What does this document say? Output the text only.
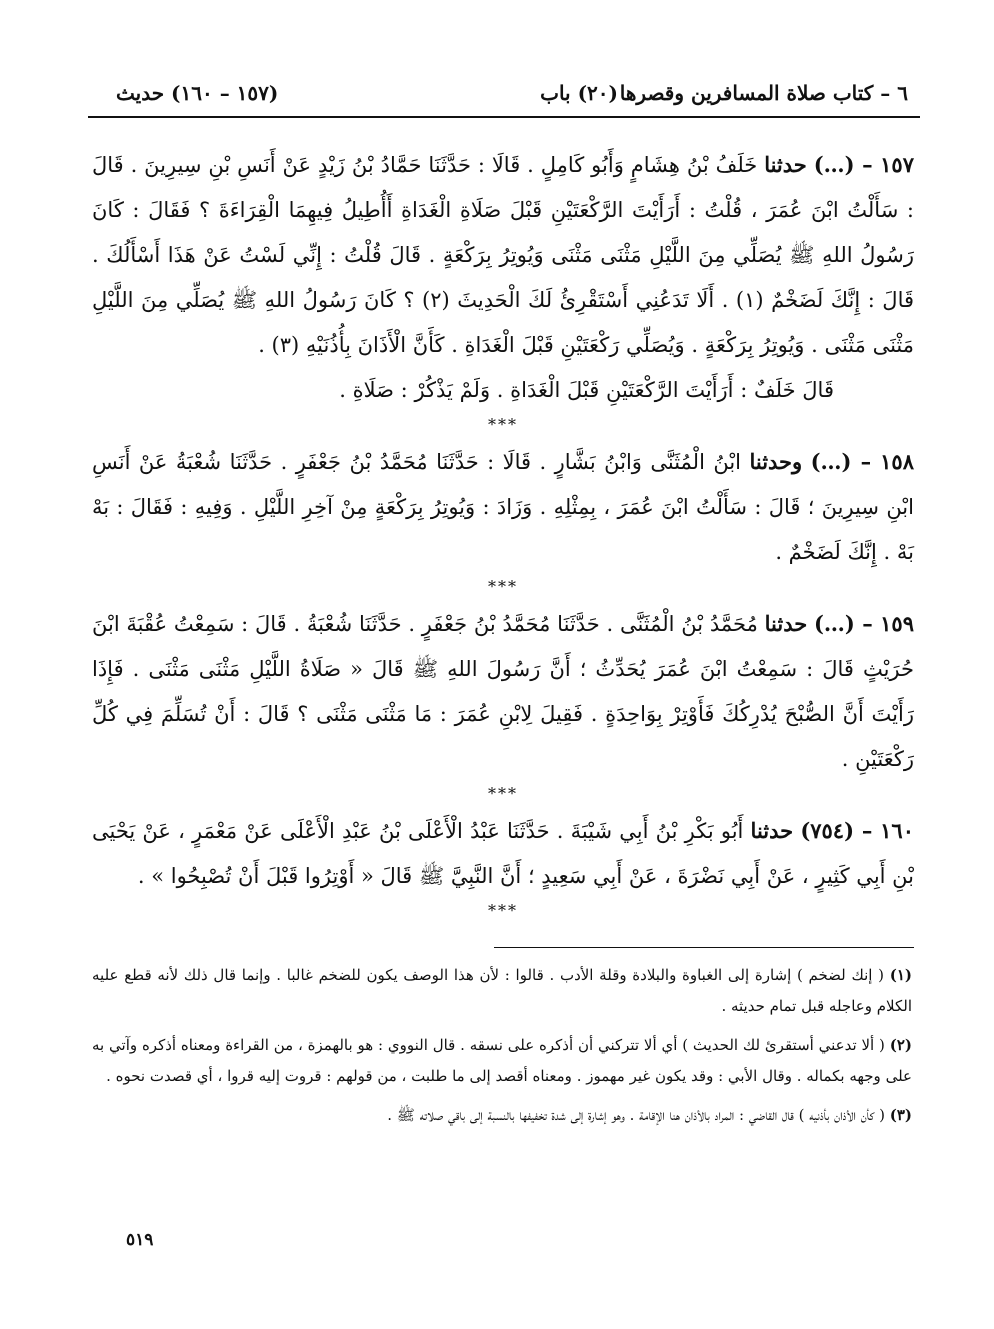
٦ – كتاب صلاة المسافرين وقصرها
(٢٠) باب
(١٥٧ – ١٦٠) حديث

١٥٧ – (…) حدثنا خَلَفُ بْنُ هِشَامٍ وَأَبُو كَامِلٍ . قَالَا : حَدَّثَنَا حَمَّادُ بْنُ زَيْدٍ عَنْ أَنَسِ بْنِ سِيرِينَ . قَالَ : سَأَلْتُ ابْنَ عُمَرَ ، قُلْتُ : أَرَأَيْتَ الرَّكْعَتَيْنِ قَبْلَ صَلَاةِ الْغَدَاةِ أَأُطِيلُ فِيهِمَا الْقِرَاءَةَ ؟ فَقَالَ : كَانَ رَسُولُ اللهِ ﷺ يُصَلِّي مِنَ اللَّيْلِ مَثْنَى مَثْنَى وَيُوتِرُ بِرَكْعَةٍ . قَالَ قُلْتُ : إِنِّي لَسْتُ عَنْ هَذَا أَسْأَلُكَ . قَالَ : إِنَّكَ لَضَخْمٌ (١) . أَلَا تَدَعُنِي أَسْتَقْرِئُ لَكَ الْحَدِيثَ (٢) ؟ كَانَ رَسُولُ اللهِ ﷺ يُصَلِّي مِنَ اللَّيْلِ مَثْنَى مَثْنَى . وَيُوتِرُ بِرَكْعَةٍ . وَيُصَلِّي رَكْعَتَيْنِ قَبْلَ الْغَدَاةِ . كَأَنَّ الْأَذَانَ بِأُذُنَيْهِ (٣) .

قَالَ خَلَفٌ : أَرَأَيْتَ الرَّكْعَتَيْنِ قَبْلَ الْغَدَاةِ . وَلَمْ يَذْكُرْ : صَلَاةِ .

***

١٥٨ – (…) وحدثنا ابْنُ الْمُثَنَّى وَابْنُ بَشَّارٍ . قَالَا : حَدَّثَنَا مُحَمَّدُ بْنُ جَعْفَرٍ . حَدَّثَنَا شُعْبَةُ عَنْ أَنَسِ ابْنِ سِيرِينَ ؛ قَالَ : سَأَلْتُ ابْنَ عُمَرَ ، بِمِثْلِهِ . وَزَادَ : وَيُوتِرُ بِرَكْعَةٍ مِنْ آخِرِ اللَّيْلِ . وَفِيهِ : فَقَالَ : بَهْ بَهْ . إِنَّكَ لَضَخْمٌ .

***

١٥٩ – (…) حدثنا مُحَمَّدُ بْنُ الْمُثَنَّى . حَدَّثَنَا مُحَمَّدُ بْنُ جَعْفَرٍ . حَدَّثَنَا شُعْبَةُ . قَالَ : سَمِعْتُ عُقْبَةَ ابْنَ حُرَيْثٍ قَالَ : سَمِعْتُ ابْنَ عُمَرَ يُحَدِّثُ ؛ أَنَّ رَسُولَ اللهِ ﷺ قَالَ « صَلَاةُ اللَّيْلِ مَثْنَى مَثْنَى . فَإِذَا رَأَيْتَ أَنَّ الصُّبْحَ يُدْرِكُكَ فَأَوْتِرْ بِوَاحِدَةٍ . فَقِيلَ لِابْنِ عُمَرَ : مَا مَثْنَى مَثْنَى ؟ قَالَ : أَنْ تُسَلِّمَ فِي كُلِّ رَكْعَتَيْنِ .

***

١٦٠ – (٧٥٤) حدثنا أَبُو بَكْرِ بْنُ أَبِي شَيْبَةَ . حَدَّثَنَا عَبْدُ الْأَعْلَى بْنُ عَبْدِ الْأَعْلَى عَنْ مَعْمَرٍ ، عَنْ يَحْيَى بْنِ أَبِي كَثِيرٍ ، عَنْ أَبِي نَضْرَةَ ، عَنْ أَبِي سَعِيدٍ ؛ أَنَّ النَّبِيَّ ﷺ قَالَ « أَوْتِرُوا قَبْلَ أَنْ تُصْبِحُوا » .

***

(١) ( إنك لضخم ) إشارة إلى الغباوة والبلادة وقلة الأدب . قالوا : لأن هذا الوصف يكون للضخم غالبا . وإنما قال ذلك لأنه قطع عليه الكلام وعاجله قبل تمام حديثه .

(٢) ( ألا تدعني أستقرئ لك الحديث ) أي ألا تتركني أن أذكره على نسقه . قال النووي : هو بالهمزة ، من القراءة ومعناه أذكره وآتي به على وجهه بكماله . وقال الأبي : وقد يكون غير مهموز . ومعناه أقصد إلى ما طلبت ، من قولهم : قروت إليه قروا ، أي قصدت نحوه .

(٣) ( كأن الأذان بأذنيه ) قال القاضي : المراد بالأذان هنا الإقامة . وهو إشارة إلى شدة تخفيفها بالنسبة إلى باقي صلاته ﷺ .

٥١٩
